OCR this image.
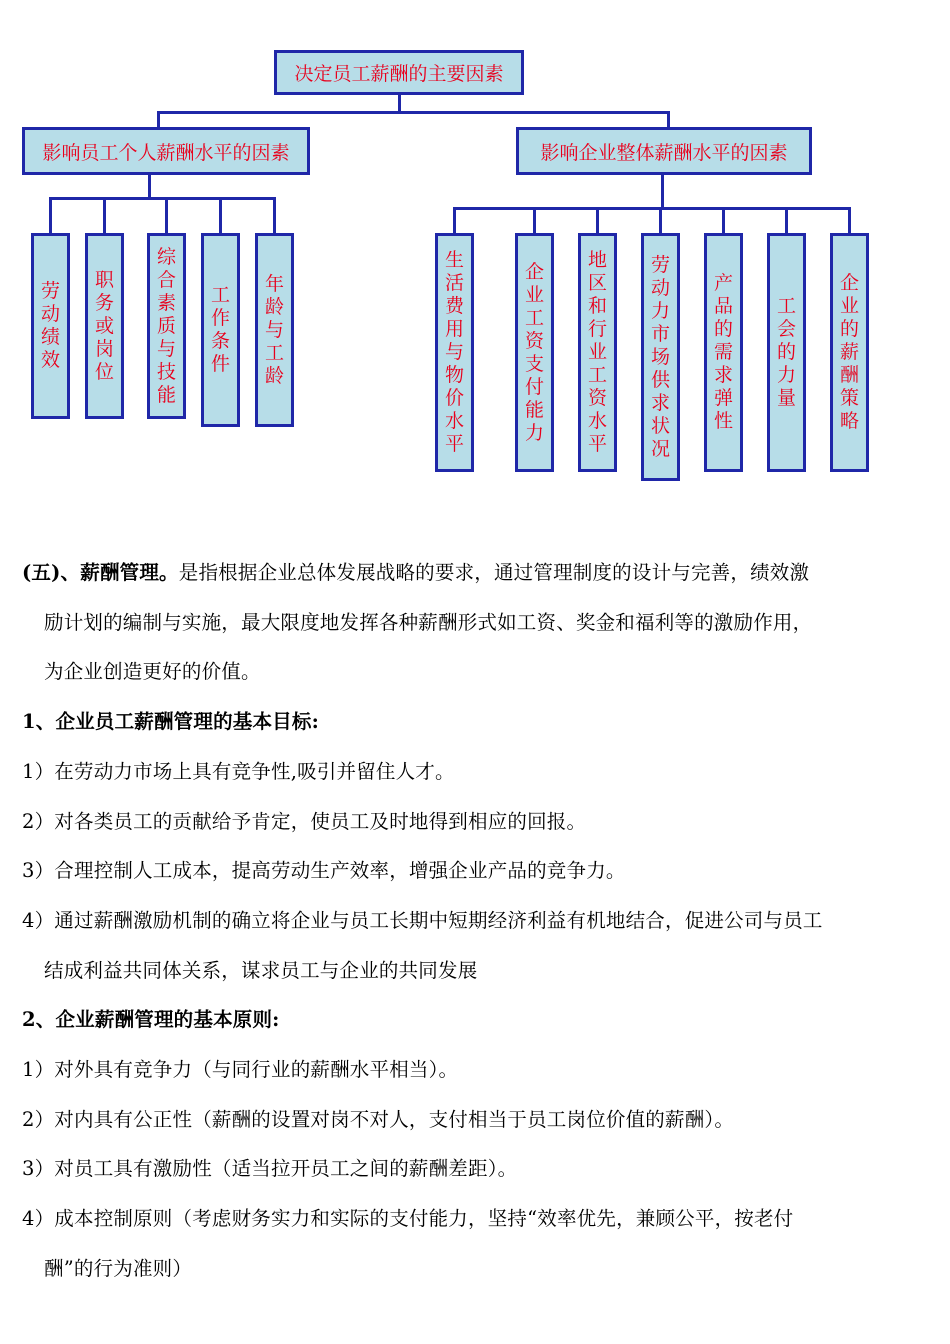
决定员工薪酬的主要因素
影响员工个人薪酬水平的因素	影响企业整体薪酬水平的因素
劳动绩效
职务或岗位
综合素质与技能
工作条件
年龄与工龄
生活费用与物价水平
企业工资支付能力
地区和行业工资水平
劳动力市场供求状况
产品的需求弹性
工会的力量
企业的薪酬策略
(五)、薪酬管理。是指根据企业总体发展战略的要求，通过管理制度的设计与完善，绩效激
励计划的编制与实施，最大限度地发挥各种薪酬形式如工资、奖金和福利等的激励作用，
为企业创造更好的价值。
1、企业员工薪酬管理的基本目标:
1）在劳动力市场上具有竞争性,吸引并留住人才。
2）对各类员工的贡献给予肯定，使员工及时地得到相应的回报。
3）合理控制人工成本，提高劳动生产效率，增强企业产品的竞争力。
4）通过薪酬激励机制的确立将企业与员工长期中短期经济利益有机地结合，促进公司与员工
结成利益共同体关系，谋求员工与企业的共同发展
2、企业薪酬管理的基本原则:
1）对外具有竞争力（与同行业的薪酬水平相当）。
2）对内具有公正性（薪酬的设置对岗不对人，支付相当于员工岗位价值的薪酬）。
3）对员工具有激励性（适当拉开员工之间的薪酬差距）。
4）成本控制原则（考虑财务实力和实际的支付能力，坚持“效率优先，兼顾公平，按老付
酬”的行为准则）
